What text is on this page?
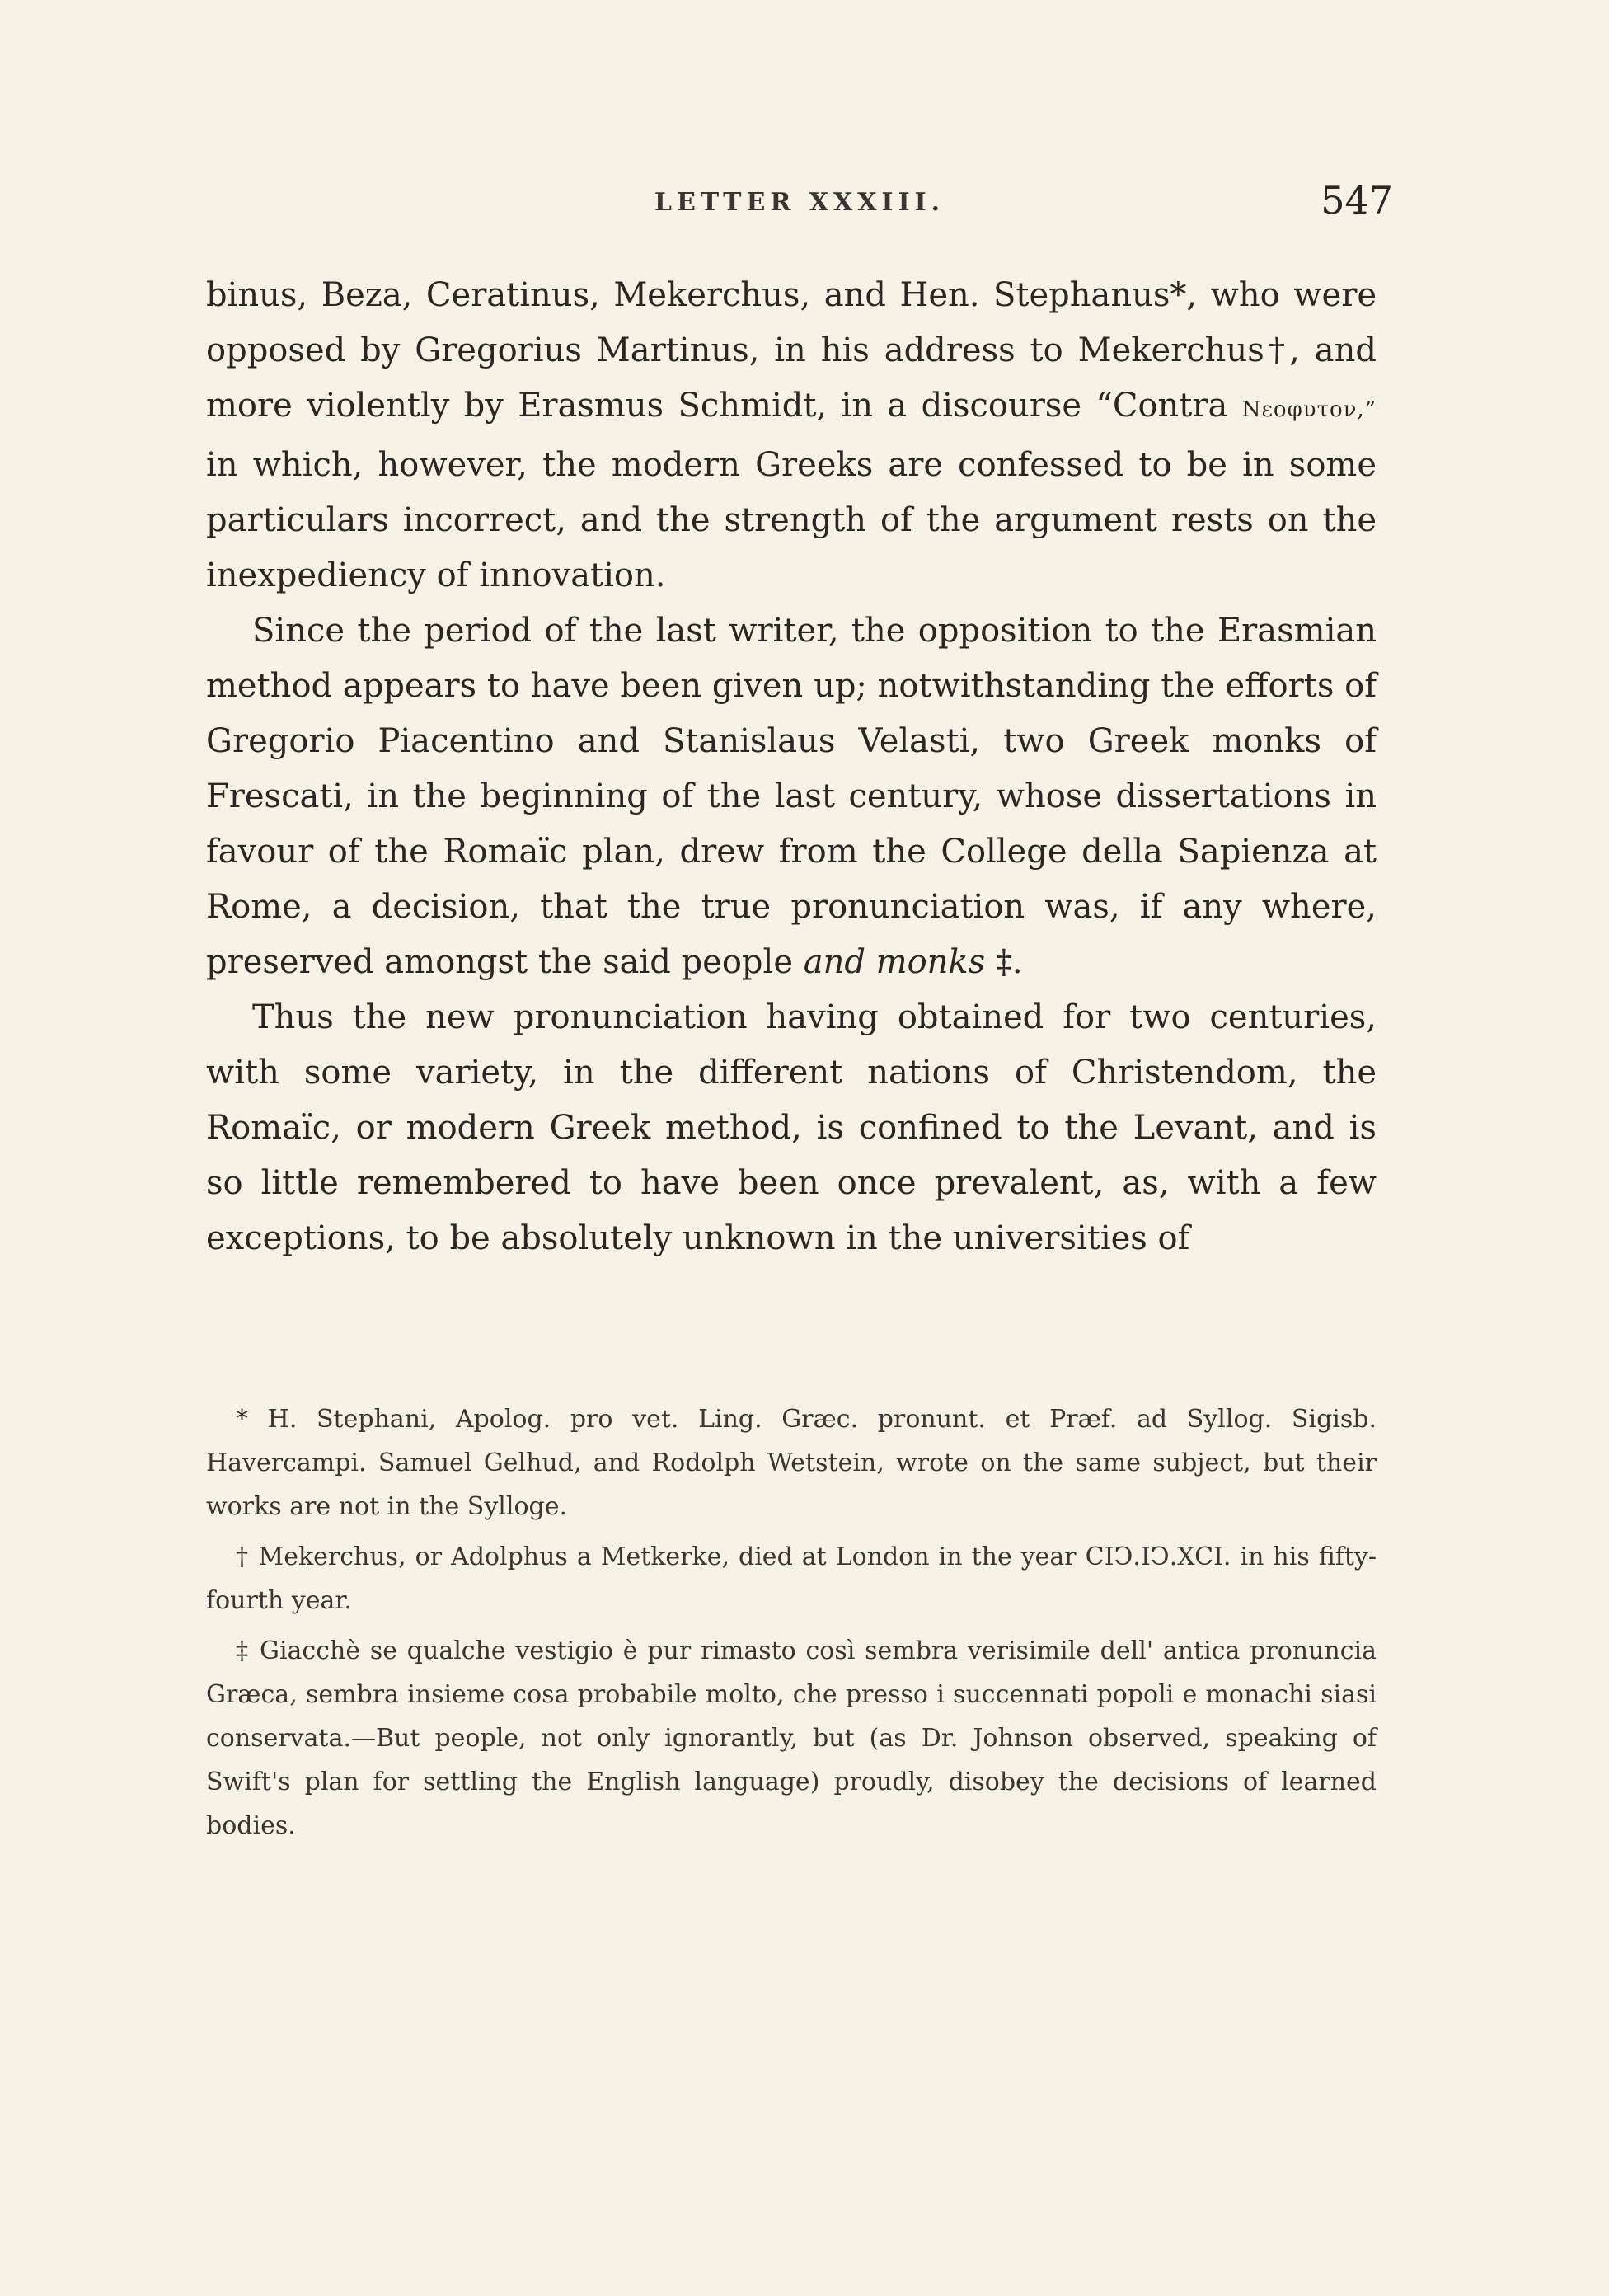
LETTER XXXIII.	547

binus, Beza, Ceratinus, Mekerchus, and Hen. Stephanus*, who were opposed by Gregorius Martinus, in his address to Mekerchus†, and more violently by Erasmus Schmidt, in a discourse “Contra Νεοφυτον,” in which, however, the modern Greeks are confessed to be in some particulars incorrect, and the strength of the argument rests on the inexpediency of innovation.

Since the period of the last writer, the opposition to the Erasmian method appears to have been given up; notwithstanding the efforts of Gregorio Piacentino and Stanislaus Velasti, two Greek monks of Frescati, in the beginning of the last century, whose dissertations in favour of the Romaïc plan, drew from the College della Sapienza at Rome, a decision, that the true pronunciation was, if any where, preserved amongst the said people and monks ‡.

Thus the new pronunciation having obtained for two centuries, with some variety, in the different nations of Christendom, the Romaïc, or modern Greek method, is confined to the Levant, and is so little remembered to have been once prevalent, as, with a few exceptions, to be absolutely unknown in the universities of

* H. Stephani, Apolog. pro vet. Ling. Græc. pronunt. et Præf. ad Syllog. Sigisb. Havercampi. Samuel Gelhud, and Rodolph Wetstein, wrote on the same subject, but their works are not in the Sylloge.

† Mekerchus, or Adolphus a Metkerke, died at London in the year CIↃ.IↃ.XCI. in his fifty-fourth year.

‡ Giacchè se qualche vestigio è pur rimasto così sembra verisimile dell' antica pronuncia Græca, sembra insieme cosa probabile molto, che presso i succennati popoli e monachi siasi conservata.—But people, not only ignorantly, but (as Dr. Johnson observed, speaking of Swift's plan for settling the English language) proudly, disobey the decisions of learned bodies.
